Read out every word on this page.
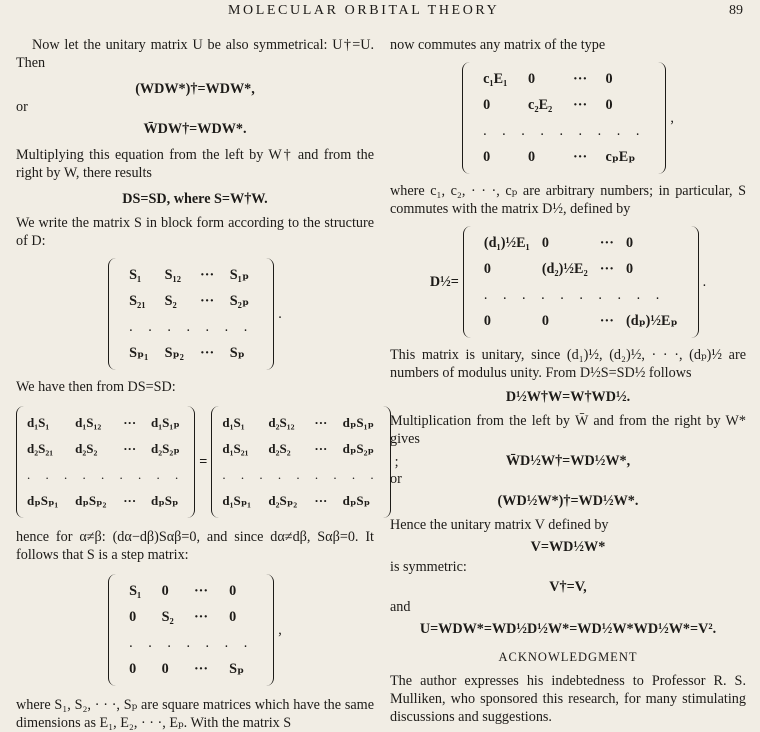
MOLECULAR ORBITAL THEORY	89

Now let the unitary matrix U be also symmetrical: U†=U. Then

(WDW*)†=WDW*,

or

W̄DW†=WDW*.

Multiplying this equation from the left by W† and from the right by W, there results

DS=SD, where S=W†W.

We write the matrix S in block form according to the structure of D:

S₁	S₁₂	···	S₁ₚ
S₂₁	S₂	···	S₂ₚ
. . . . . . .			
Sₚ₁	Sₚ₂	···	Sₚ
.

We have then from DS=SD:

d₁S₁	d₁S₁₂	···	d₁S₁ₚ
d₂S₂₁	d₂S₂	···	d₂S₂ₚ
. . . . . . . . .			
dₚSₚ₁	dₚSₚ₂	···	dₚSₚ
=
d₁S₁	d₂S₁₂	···	dₚS₁ₚ
d₁S₂₁	d₂S₂	···	dₚS₂ₚ
. . . . . . . . .			
d₁Sₚ₁	d₂Sₚ₂	···	dₚSₚ
;

hence for α≠β: (dα−dβ)Sαβ=0, and since dα≠dβ, Sαβ=0. It follows that S is a step matrix:

S₁	0	···	0
0	S₂	···	0
. . . . . . .			
0	0	···	Sₚ
,

where S₁, S₂, · · ·, Sₚ are square matrices which have the same dimensions as E₁, E₂, · · ·, Eₚ. With the matrix S

now commutes any matrix of the type

c₁E₁	0	···	0
0	c₂E₂	···	0
. . . . . . . . .			
0	0	···	cₚEₚ
,

where c₁, c₂, · · ·, cₚ are arbitrary numbers; in particular, S commutes with the matrix D½, defined by

D½=
(d₁)½E₁	0	···	0
0	(d₂)½E₂	···	0
. . . . . . . . . .			
0	0	···	(dₚ)½Eₚ
.

This matrix is unitary, since (d₁)½, (d₂)½, · · ·, (dₚ)½ are numbers of modulus unity. From D½S=SD½ follows

D½W†W=W†WD½.

Multiplication from the left by W̄ and from the right by W* gives

W̄D½W†=WD½W*,

or

(WD½W*)†=WD½W*.

Hence the unitary matrix V defined by

V=WD½W*

is symmetric:

V†=V,

and

U=WDW*=WD½D½W*=WD½W*WD½W*=V².

ACKNOWLEDGMENT

The author expresses his indebtedness to Professor R. S. Mulliken, who sponsored this research, for many stimulating discussions and suggestions.
